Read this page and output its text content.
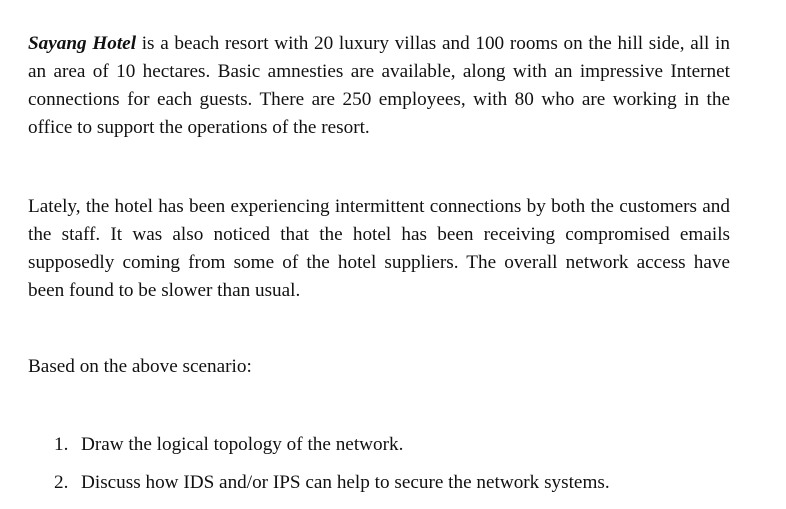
Sayang Hotel is a beach resort with 20 luxury villas and 100 rooms on the hill side, all in an area of 10 hectares. Basic amnesties are available, along with an impressive Internet connections for each guests. There are 250 employees, with 80 who are working in the office to support the operations of the resort.

Lately, the hotel has been experiencing intermittent connections by both the customers and the staff. It was also noticed that the hotel has been receiving compromised emails supposedly coming from some of the hotel suppliers. The overall network access have been found to be slower than usual.

Based on the above scenario:

1. Draw the logical topology of the network.
2. Discuss how IDS and/or IPS can help to secure the network systems.
